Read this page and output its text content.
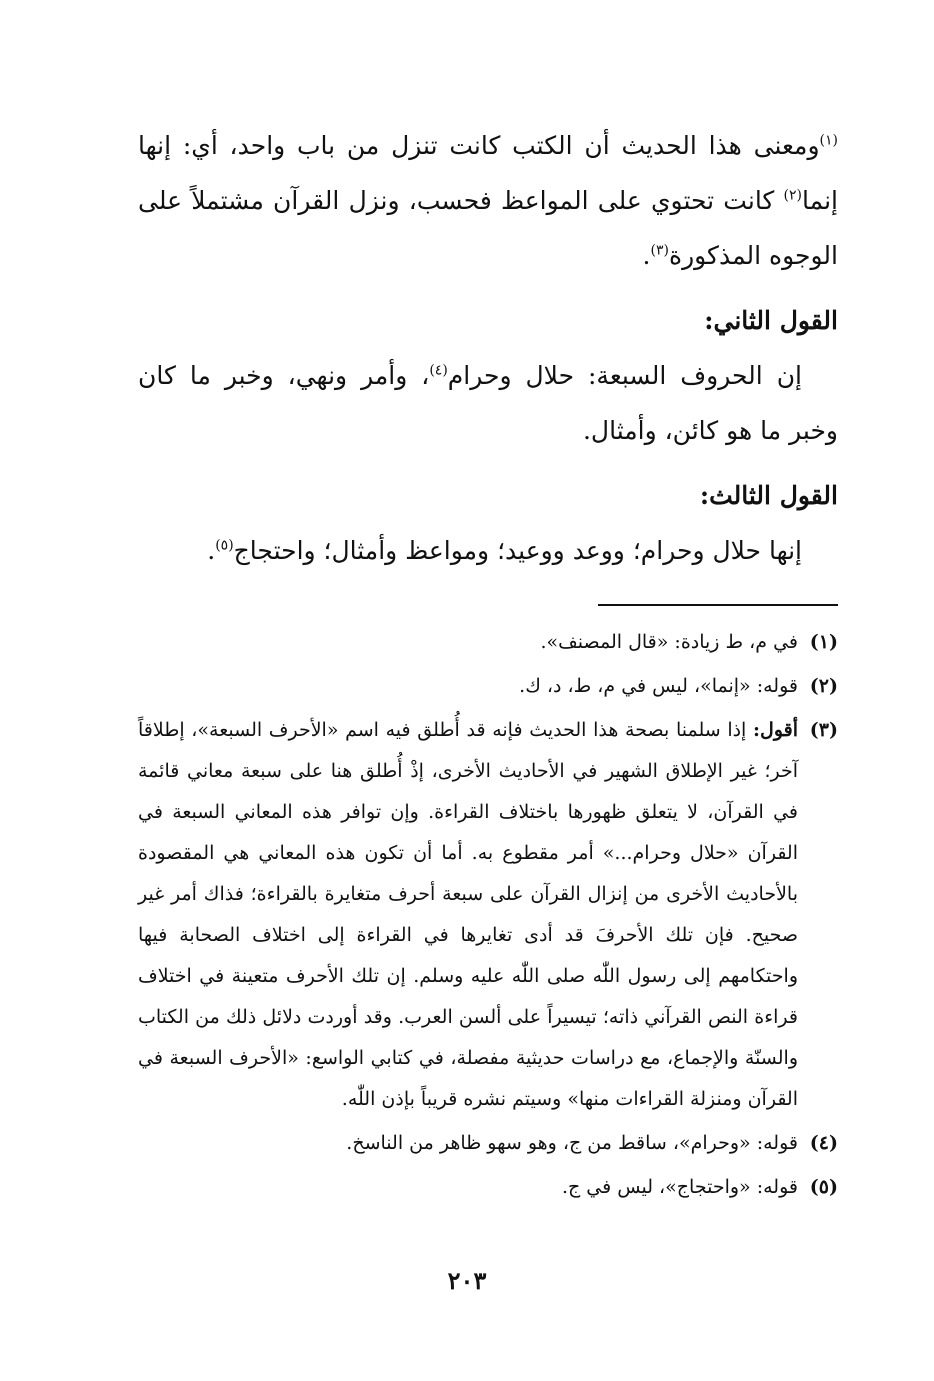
$^{(١)}$ومعنى هذا الحديث أن الكتب كانت تنزل من باب واحد، أي: إنها إنما$^{(٢)}$ كانت تحتوي على المواعظ فحسب، ونزل القرآن مشتملاً على الوجوه المذكورة$^{(٣)}$.

القول الثاني:

إن الحروف السبعة: حلال وحرام$^{(٤)}$، وأمر ونهي، وخبر ما كان وخبر ما هو كائن، وأمثال.

القول الثالث:

إنها حلال وحرام؛ ووعد ووعيد؛ ومواعظ وأمثال؛ واحتجاج$^{(٥)}$.

(١)
في م، ط زيادة: «قال المصنف».
(٢)
قوله: «إنما»، ليس في م، ط، د، ك.
(٣)
أقول: إذا سلمنا بصحة هذا الحديث فإنه قد أُطلق فيه اسم «الأحرف السبعة»، إطلاقاً آخر؛ غير الإطلاق الشهير في الأحاديث الأخرى، إذْ أُطلق هنا على سبعة معاني قائمة في القرآن، لا يتعلق ظهورها باختلاف القراءة. وإن توافر هذه المعاني السبعة في القرآن «حلال وحرام...» أمر مقطوع به. أما أن تكون هذه المعاني هي المقصودة بالأحاديث الأخرى من إنزال القرآن على سبعة أحرف متغايرة بالقراءة؛ فذاك أمر غير صحيح. فإن تلك الأحرفَ قد أدى تغايرها في القراءة إلى اختلاف الصحابة فيها واحتكامهم إلى رسول اللّٰه صلى اللّٰه عليه وسلم. إن تلك الأحرف متعينة في اختلاف قراءة النص القرآني ذاته؛ تيسيراً على ألسن العرب. وقد أوردت دلائل ذلك من الكتاب والسنّة والإجماع، مع دراسات حديثية مفصلة، في كتابي الواسع: «الأحرف السبعة في القرآن ومنزلة القراءات منها» وسيتم نشره قريباً بإذن اللّٰه.
(٤)
قوله: «وحرام»، ساقط من ج، وهو سهو ظاهر من الناسخ.
(٥)
قوله: «واحتجاج»، ليس في ج.
٢٠٣
